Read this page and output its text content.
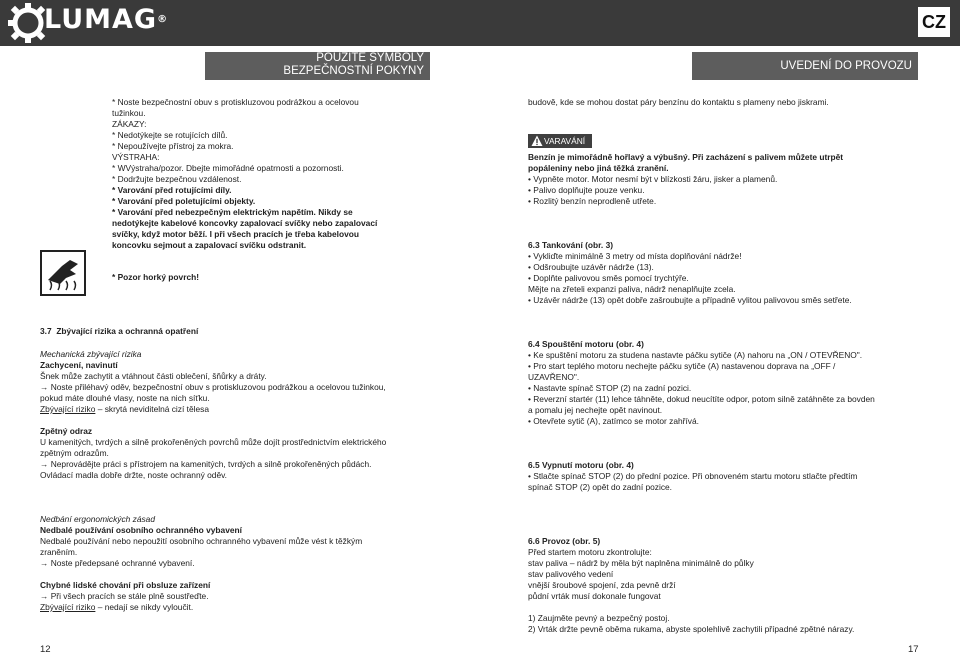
LUMAG®	CZ
POUŽITÉ SYMBOLY
BEZPEČNOSTNÍ POKYNY	UVEDENÍ DO PROVOZU
* Noste bezpečnostní obuv s protiskluzovou podrážkou a ocelovou
tužinkou.
ZÁKAZY:
* Nedotýkejte se rotujících dílů.
* Nepoužívejte přístroj za mokra.
VÝSTRAHA:
* WVýstraha/pozor. Dbejte mimořádné opatrnosti a pozornosti.
* Dodržujte bezpečnou vzdálenost.
* Varování před rotujícími díly.
* Varování před poletujícími objekty.
* Varování před nebezpečným elektrickým napětím. Nikdy se
nedotýkejte kabelové koncovky zapalovací svíčky nebo zapalovací
svíčky, když motor běží. I při všech pracích je třeba kabelovou
koncovku sejmout a zapalovací svíčku odstranit.
* Pozor horký povrch!
3.7 Zbývající rizika a ochranná opatření
Mechanická zbývající rizika
Zachycení, navinutí
Šnek může zachytit a vtáhnout části oblečení, šňůrky a dráty.
→ Noste přiléhavý oděv, bezpečnostní obuv s protiskluzovou podrážkou a ocelovou tužinkou,
pokud máte dlouhé vlasy, noste na nich síťku.
Zbývající riziko – skrytá neviditelná cizí tělesa
Zpětný odraz
U kamenitých, tvrdých a silně prokořeněných povrchů může dojít prostřednictvím elektrického
zpětným odrazům.
→ Neprovádějte práci s přístrojem na kamenitých, tvrdých a silně prokořeněných půdách.
Ovládací madla dobře držte, noste ochranný oděv.
Nedbání ergonomických zásad
Nedbalé používání osobního ochranného vybavení
Nedbalé používání nebo nepoužití osobního ochranného vybavení může vést k těžkým
zraněním.
→ Noste předepsané ochranné vybavení.
Chybné lidské chování při obsluze zařízení
→ Při všech pracích se stále plně soustřeďte.
Zbývající riziko – nedají se nikdy vyloučit.
budově, kde se mohou dostat páry benzínu do kontaktu s plameny nebo jiskrami.
VARAVÁNÍ
Benzín je mimořádně hořlavý a výbušný. Při zacházení s palivem můžete utrpět
popáleniny nebo jiná těžká zranění.
• Vypněte motor. Motor nesmí být v blízkosti žáru, jisker a plamenů.
• Palivo doplňujte pouze venku.
• Rozlitý benzín neprodleně utřete.
6.3 Tankování (obr. 3)
• Vykliďte minimálně 3 metry od místa doplňování nádrže!
• Odšroubujte uzávěr nádrže (13).
• Doplňte palivovou směs pomocí trychtýře.
Mějte na zřeteli expanzi paliva, nádrž nenaplňujte zcela.
• Uzávěr nádrže (13) opět dobře zašroubujte a případně vylitou palivovou směs setřete.
6.4 Spouštění motoru (obr. 4)
• Ke spuštění motoru za studena nastavte páčku sytiče (A) nahoru na „ON / OTEVŘENO".
• Pro start teplého motoru nechejte páčku sytiče (A) nastavenou doprava na „OFF /
UZAVŘENO".
• Nastavte spínač STOP (2) na zadní pozici.
• Reverzní startér (11) lehce táhněte, dokud neucítíte odpor, potom silně zatáhněte za bovden
a pomalu jej nechejte opět navinout.
• Otevřete sytič (A), zatímco se motor zahřívá.
6.5 Vypnutí motoru (obr. 4)
• Stlačte spínač STOP (2) do přední pozice. Při obnoveném startu motoru stlačte předtím
spínač STOP (2) opět do zadní pozice.
6.6 Provoz (obr. 5)
Před startem motoru zkontrolujte:
stav paliva – nádrž by měla být naplněna minimálně do půlky
stav palivového vedení
vnější šroubové spojení, zda pevně drží
půdní vrták musí dokonale fungovat
1) Zaujměte pevný a bezpečný postoj.
2) Vrták držte pevně oběma rukama, abyste spolehlivě zachytili případné zpětné nárazy.
12	17
